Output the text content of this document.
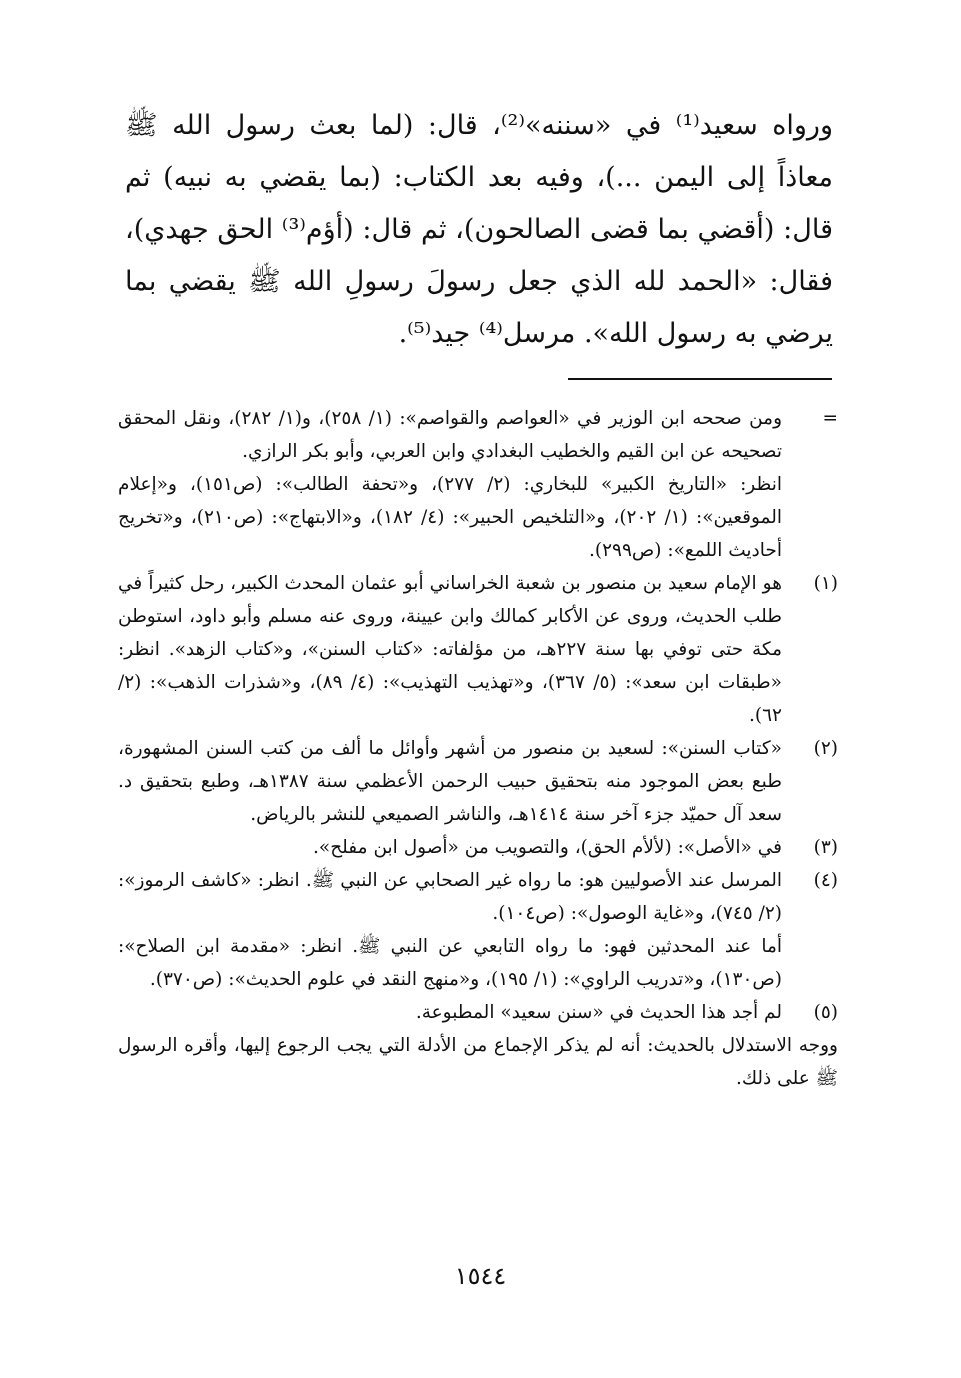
ورواه سعيد⁽¹⁾ في «سننه»⁽²⁾، قال: (لما بعث رسول الله ﷺ معاذاً إلى اليمن ...)، وفيه بعد الكتاب: (بما يقضي به نبيه) ثم قال: (أقضي بما قضى الصالحون)، ثم قال: (أؤم⁽³⁾ الحق جهدي)، فقال: «الحمد لله الذي جعل رسولَ رسولِ الله ﷺ يقضي بما يرضي به رسول الله». مرسل⁽⁴⁾ جيد⁽⁵⁾.

=

ومن صححه ابن الوزير في «العواصم والقواصم»: (١/ ٢٥٨)، و(١/ ٢٨٢)، ونقل المحقق تصحيحه عن ابن القيم والخطيب البغدادي وابن العربي، وأبو بكر الرازي.

انظر: «التاريخ الكبير» للبخاري: (٢/ ٢٧٧)، و«تحفة الطالب»: (ص١٥١)، و«إعلام الموقعين»: (١/ ٢٠٢)، و«التلخيص الحبير»: (٤/ ١٨٢)، و«الابتهاج»: (ص٢١٠)، و«تخريج أحاديث اللمع»: (ص٢٩٩).

(١)

هو الإمام سعيد بن منصور بن شعبة الخراساني أبو عثمان المحدث الكبير، رحل كثيراً في طلب الحديث، وروى عن الأكابر كمالك وابن عيينة، وروى عنه مسلم وأبو داود، استوطن مكة حتى توفي بها سنة ٢٢٧هـ، من مؤلفاته: «كتاب السنن»، و«كتاب الزهد». انظر: «طبقات ابن سعد»: (٥/ ٣٦٧)، و«تهذيب التهذيب»: (٤/ ٨٩)، و«شذرات الذهب»: (٢/ ٦٢).

(٢)

«كتاب السنن»: لسعيد بن منصور من أشهر وأوائل ما ألف من كتب السنن المشهورة، طبع بعض الموجود منه بتحقيق حبيب الرحمن الأعظمي سنة ١٣٨٧هـ، وطبع بتحقيق د. سعد آل حميّد جزء آخر سنة ١٤١٤هـ، والناشر الصميعي للنشر بالرياض.

(٣)

في «الأصل»: (لألأم الحق)، والتصويب من «أصول ابن مفلح».

(٤)

المرسل عند الأصوليين هو: ما رواه غير الصحابي عن النبي ﷺ. انظر: «كاشف الرموز»: (٢/ ٧٤٥)، و«غاية الوصول»: (ص١٠٤).

أما عند المحدثين فهو: ما رواه التابعي عن النبي ﷺ. انظر: «مقدمة ابن الصلاح»: (ص١٣٠)، و«تدريب الراوي»: (١/ ١٩٥)، و«منهج النقد في علوم الحديث»: (ص٣٧٠).

(٥)

لم أجد هذا الحديث في «سنن سعيد» المطبوعة.

ووجه الاستدلال بالحديث: أنه لم يذكر الإجماع من الأدلة التي يجب الرجوع إليها، وأقره الرسول ﷺ على ذلك.

١٥٤٤
